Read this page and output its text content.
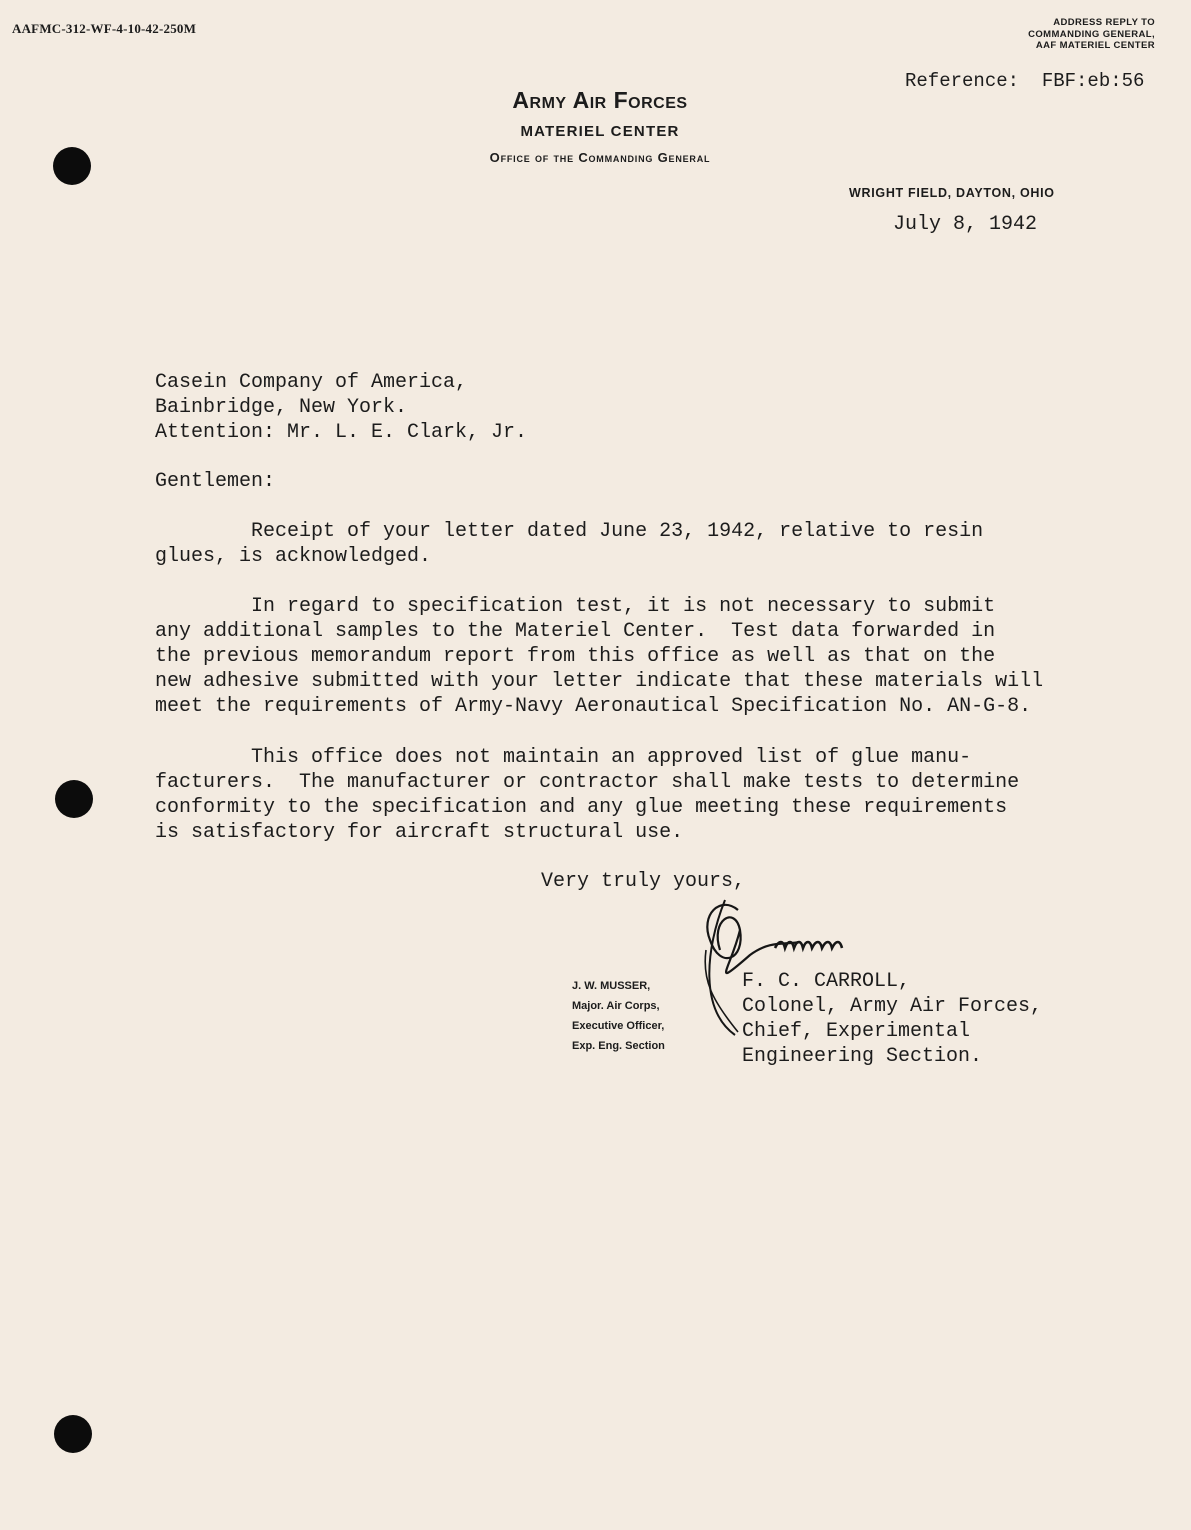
AAFMC-312-WF-4-10-42-250M	ADDRESS REPLY TO
COMMANDING GENERAL,
AAF MATERIEL CENTER
Reference:  FBF:eb:56
Army Air Forces
MATERIEL CENTER
Office of the Commanding General
WRIGHT FIELD, DAYTON, OHIO
July 8, 1942
Casein Company of America,
Bainbridge, New York.
Attention: Mr. L. E. Clark, Jr.
Gentlemen:
Receipt of your letter dated June 23, 1942, relative to resin
glues, is acknowledged.
In regard to specification test, it is not necessary to submit
any additional samples to the Materiel Center.  Test data forwarded in
the previous memorandum report from this office as well as that on the
new adhesive submitted with your letter indicate that these materials will
meet the requirements of Army-Navy Aeronautical Specification No. AN-G-8.
This office does not maintain an approved list of glue manu-
facturers.  The manufacturer or contractor shall make tests to determine
conformity to the specification and any glue meeting these requirements
is satisfactory for aircraft structural use.
Very truly yours,
J. W. MUSSER,
Major. Air Corps,
Executive Officer,
Exp. Eng. Section
F. C. CARROLL,
Colonel, Army Air Forces,
Chief, Experimental
Engineering Section.
